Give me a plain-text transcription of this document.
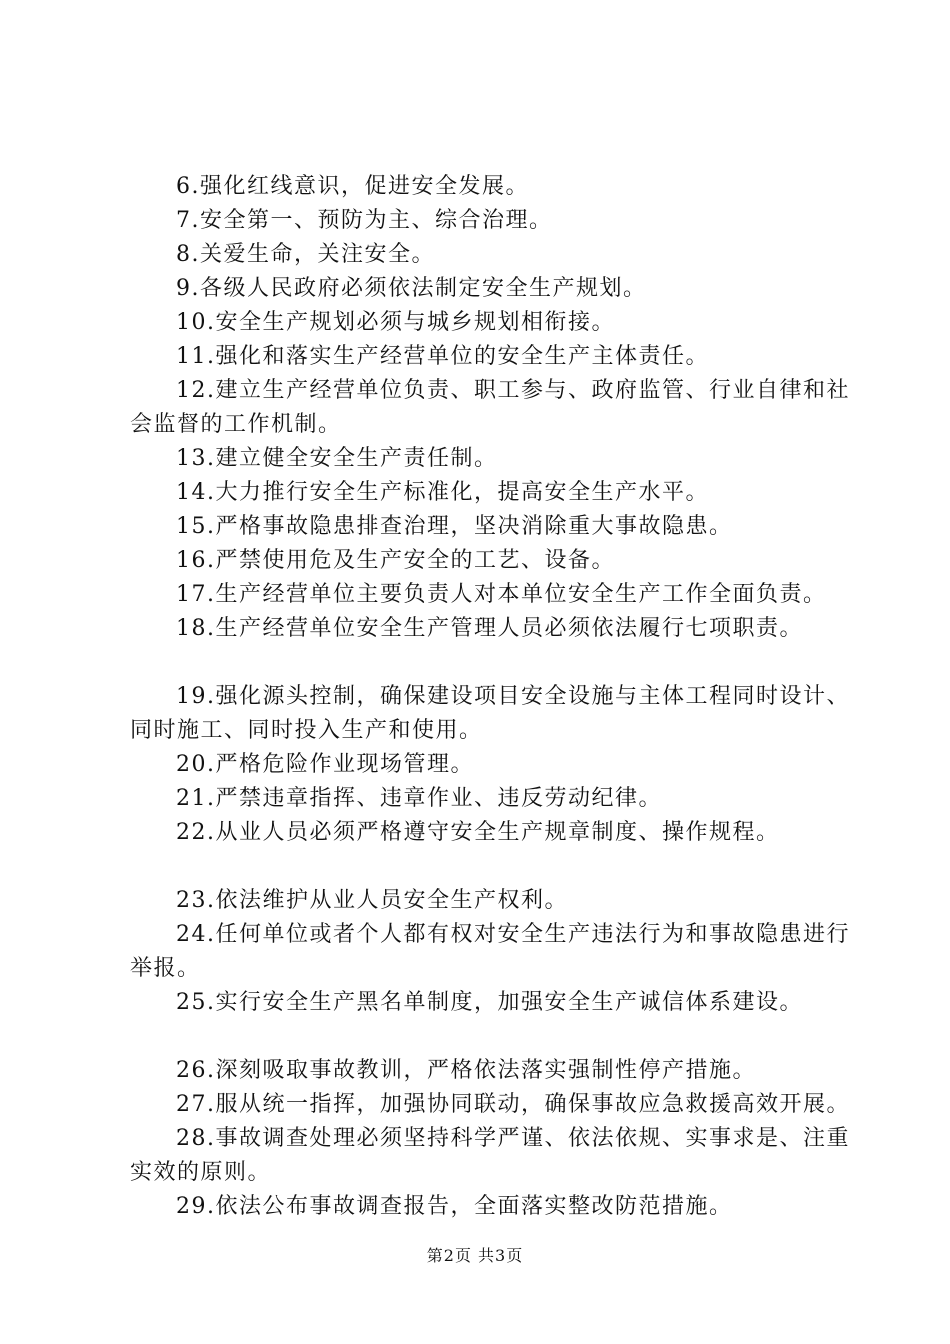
6.强化红线意识，促进安全发展。

7.安全第一、预防为主、综合治理。

8.关爱生命，关注安全。

9.各级人民政府必须依法制定安全生产规划。

10.安全生产规划必须与城乡规划相衔接。

11.强化和落实生产经营单位的安全生产主体责任。

12.建立生产经营单位负责、职工参与、政府监管、行业自律和社会监督的工作机制。

13.建立健全安全生产责任制。

14.大力推行安全生产标准化，提高安全生产水平。

15.严格事故隐患排查治理，坚决消除重大事故隐患。

16.严禁使用危及生产安全的工艺、设备。

17.生产经营单位主要负责人对本单位安全生产工作全面负责。

18.生产经营单位安全生产管理人员必须依法履行七项职责。

19.强化源头控制，确保建设项目安全设施与主体工程同时设计、同时施工、同时投入生产和使用。

20.严格危险作业现场管理。

21.严禁违章指挥、违章作业、违反劳动纪律。

22.从业人员必须严格遵守安全生产规章制度、操作规程。

23.依法维护从业人员安全生产权利。

24.任何单位或者个人都有权对安全生产违法行为和事故隐患进行举报。

25.实行安全生产黑名单制度，加强安全生产诚信体系建设。

26.深刻吸取事故教训，严格依法落实强制性停产措施。

27.服从统一指挥，加强协同联动，确保事故应急救援高效开展。

28.事故调查处理必须坚持科学严谨、依法依规、实事求是、注重实效的原则。

29.依法公布事故调查报告，全面落实整改防范措施。

第2页 共3页
